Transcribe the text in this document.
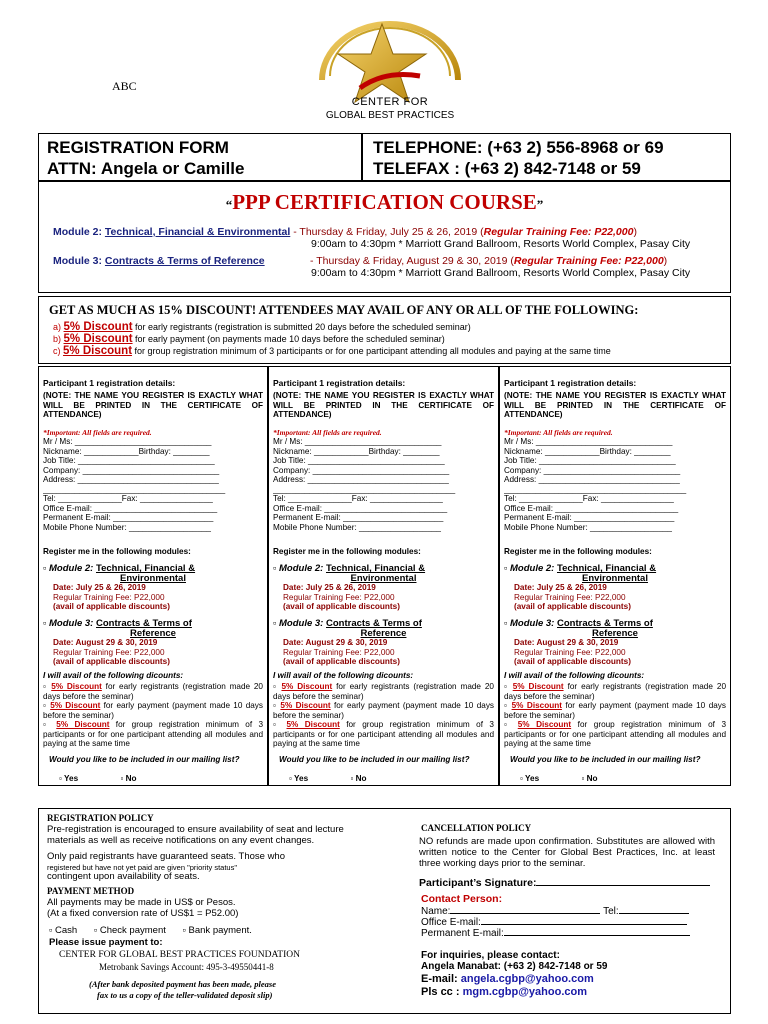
ABC
CENTER FOR
GLOBAL BEST PRACTICES
REGISTRATION FORM
ATTN: Angela or Camille
TELEPHONE: (+63 2) 556-8968 or 69
TELEFAX : (+63 2) 842-7148 or 59
“PPP CERTIFICATION COURSE”
Module 2: Technical, Financial & Environmental - Thursday & Friday, July 25 & 26, 2019 (Regular Training Fee: P22,000)
9:00am to 4:30pm * Marriott Grand Ballroom, Resorts World Complex, Pasay City
Module 3: Contracts & Terms of Reference	- Thursday & Friday, August 29 & 30, 2019 (Regular Training Fee: P22,000)
9:00am to 4:30pm * Marriott Grand Ballroom, Resorts World Complex, Pasay City
GET AS MUCH AS 15% DISCOUNT! ATTENDEES MAY AVAIL OF ANY OR ALL OF THE FOLLOWING:
a) 5% Discount for early registrants (registration is submitted 20 days before the scheduled seminar)
b) 5% Discount for early payment (on payments made 10 days before the scheduled seminar)
c) 5% Discount for group registration minimum of 3 participants or for one participant attending all modules and paying at the same time
Participant 1 registration details:
(NOTE: THE NAME YOU REGISTER IS EXACTLY WHAT WILL BE PRINTED IN THE CERTIFICATE OF ATTENDANCE)
*Important: All fields are required.
Mr / Ms: ______________________________
Nickname: ____________Birthday: ________
Job Title: ______________________________
Company: ______________________________
Address: _______________________________
________________________________________
Tel: ______________Fax: ________________
Office E-mail: ___________________________
Permanent E-mail: ______________________
Mobile Phone Number: __________________
Register me in the following modules:
▫ Module 2: Technical, Financial &
Environmental
Date: July 25 & 26, 2019
Regular Training Fee: P22,000
(avail of applicable discounts)
▫ Module 3: Contracts & Terms of
Reference
Date: August 29 & 30, 2019
Regular Training Fee: P22,000
(avail of applicable discounts)
I will avail of the following dicounts:
▫ 5% Discount for early registrants (registration made 20 days before the seminar)
▫ 5% Discount for early payment (payment made 10 days before the seminar)
▫ 5% Discount for group registration minimum of 3 participants or for one participant attending all modules and paying at the same time
Would you like to be included in our mailing list?
▫ Yes	▫ No
Participant 1 registration details:
(NOTE: THE NAME YOU REGISTER IS EXACTLY WHAT WILL BE PRINTED IN THE CERTIFICATE OF ATTENDANCE)
*Important: All fields are required.
Mr / Ms: ______________________________
Nickname: ____________Birthday: ________
Job Title: ______________________________
Company: ______________________________
Address: _______________________________
________________________________________
Tel: ______________Fax: ________________
Office E-mail: ___________________________
Permanent E-mail: ______________________
Mobile Phone Number: __________________
Register me in the following modules:
▫ Module 2: Technical, Financial &
Environmental
Date: July 25 & 26, 2019
Regular Training Fee: P22,000
(avail of applicable discounts)
▫ Module 3: Contracts & Terms of
Reference
Date: August 29 & 30, 2019
Regular Training Fee: P22,000
(avail of applicable discounts)
I will avail of the following dicounts:
▫ 5% Discount for early registrants (registration made 20 days before the seminar)
▫ 5% Discount for early payment (payment made 10 days before the seminar)
▫ 5% Discount for group registration minimum of 3 participants or for one participant attending all modules and paying at the same time
Would you like to be included in our mailing list?
▫ Yes	▫ No
Participant 1 registration details:
(NOTE: THE NAME YOU REGISTER IS EXACTLY WHAT WILL BE PRINTED IN THE CERTIFICATE OF ATTENDANCE)
*Important: All fields are required.
Mr / Ms: ______________________________
Nickname: ____________Birthday: ________
Job Title: ______________________________
Company: ______________________________
Address: _______________________________
________________________________________
Tel: ______________Fax: ________________
Office E-mail: ___________________________
Permanent E-mail: ______________________
Mobile Phone Number: __________________
Register me in the following modules:
▫ Module 2: Technical, Financial &
Environmental
Date: July 25 & 26, 2019
Regular Training Fee: P22,000
(avail of applicable discounts)
▫ Module 3: Contracts & Terms of
Reference
Date: August 29 & 30, 2019
Regular Training Fee: P22,000
(avail of applicable discounts)
I will avail of the following dicounts:
▫ 5% Discount for early registrants (registration made 20 days before the seminar)
▫ 5% Discount for early payment (payment made 10 days before the seminar)
▫ 5% Discount for group registration minimum of 3 participants or for one participant attending all modules and paying at the same time
Would you like to be included in our mailing list?
▫ Yes	▫ No
REGISTRATION POLICY
Pre-registration is encouraged to ensure availability of seat and lecture materials as well as receive notifications on any event changes.
Only paid registrants have guaranteed seats. Those who
registered but have not yet paid are given "priority status"
contingent upon availability of seats.
PAYMENT METHOD
All payments may be made in US$ or Pesos.
(At a fixed conversion rate of US$1 = P52.00)
▫ Cash ▫ Check payment ▫ Bank payment.
Please issue payment to:
CENTER FOR GLOBAL BEST PRACTICES FOUNDATION
Metrobank Savings Account: 495-3-49550441-8
(After bank deposited payment has been made, please
fax to us a copy of the teller-validated deposit slip)
CANCELLATION POLICY
NO refunds are made upon confirmation. Substitutes are allowed with written notice to the Center for Global Best Practices, Inc. at least three working days prior to the seminar.
Participant’s Signature:
Contact Person:
Name:	Tel:
Office E-mail:
Permanent E-mail:
For inquiries, please contact:
Angela Manabat: (+63 2) 842-7148 or 59
E-mail: angela.cgbp@yahoo.com
Pls cc : mgm.cgbp@yahoo.com
